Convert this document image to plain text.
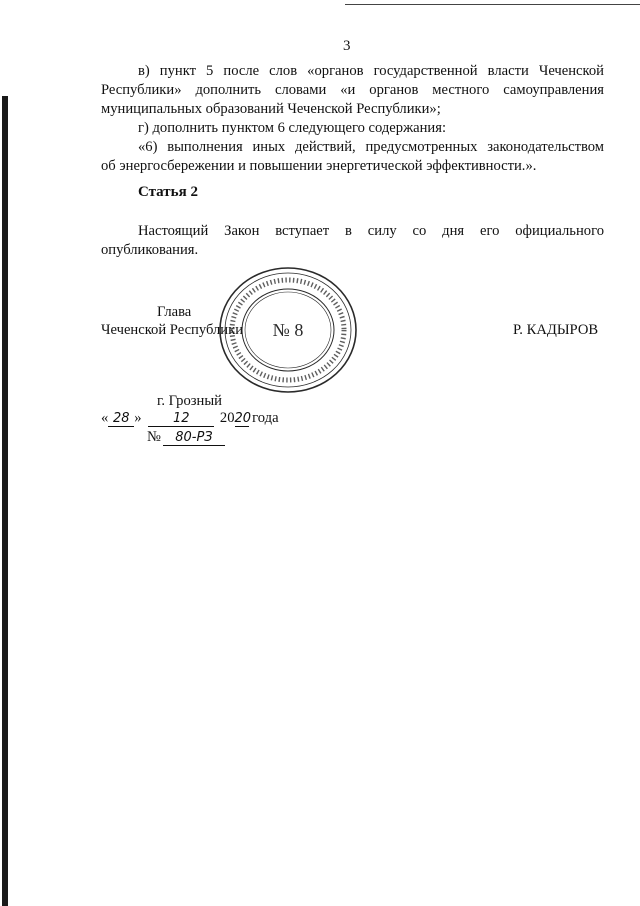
3
в) пункт 5 после слов «органов государственной власти Чеченской Республики» дополнить словами «и органов местного самоуправления муниципальных образований Чеченской Республики»;
г) дополнить пунктом 6 следующего содержания:
«6) выполнения иных действий, предусмотренных законодательством
об энергосбережении и повышении энергетической эффективности.».
Статья 2
Настоящий Закон вступает в силу со дня его официального
опубликования.
Глава
Чеченской Республики	Р. КАДЫРОВ
№ 8
г. Грозный
« 28 » 12 2020 года
№ 80-РЗ
